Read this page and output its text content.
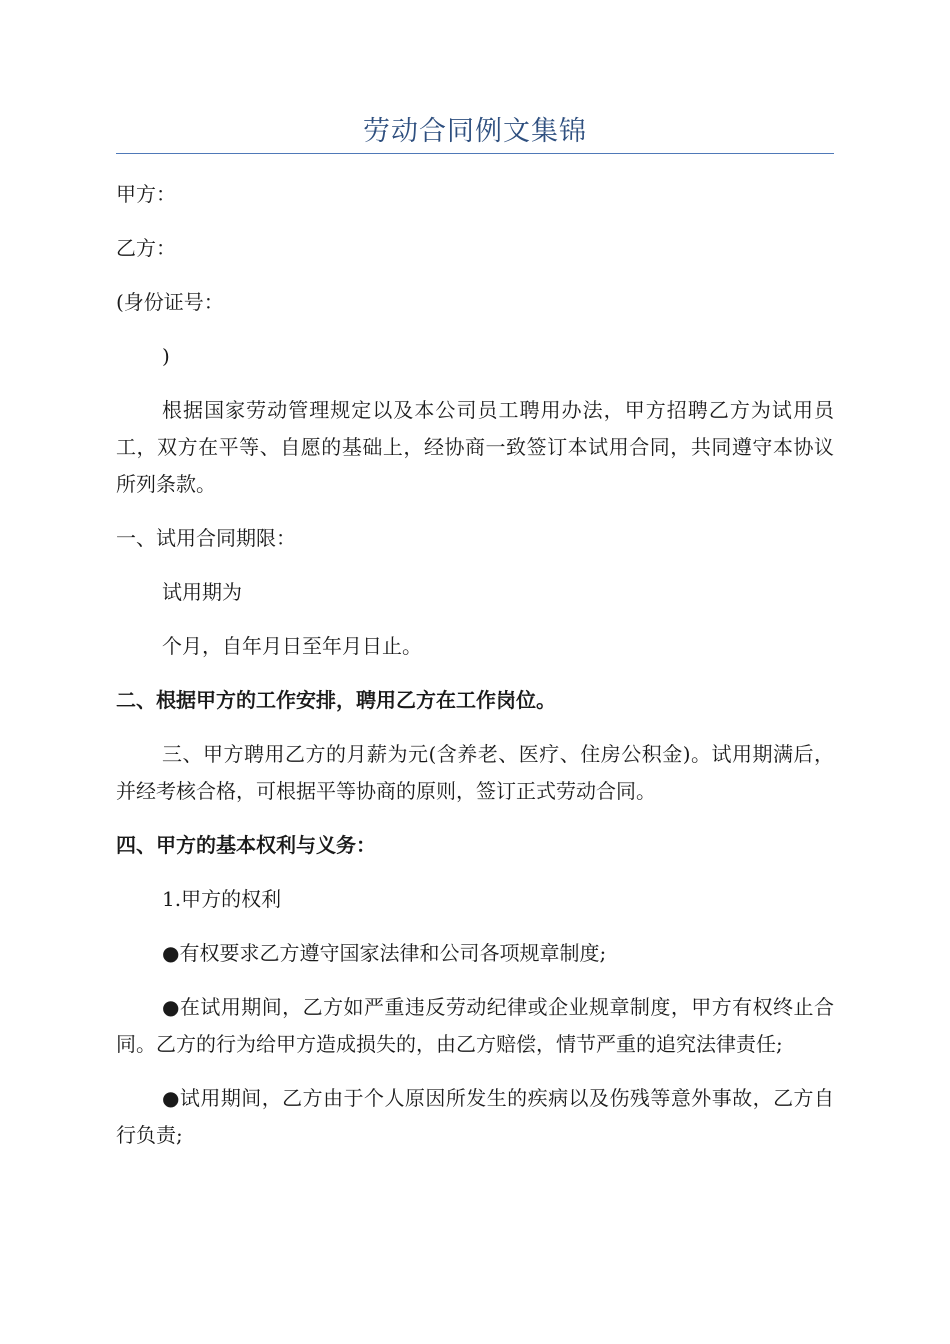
劳动合同例文集锦

甲方：

乙方：

(身份证号：

)

根据国家劳动管理规定以及本公司员工聘用办法，甲方招聘乙方为试用员工，双方在平等、自愿的基础上，经协商一致签订本试用合同，共同遵守本协议所列条款。

一、试用合同期限：

试用期为

个月，自年月日至年月日止。

二、根据甲方的工作安排，聘用乙方在工作岗位。

三、甲方聘用乙方的月薪为元(含养老、医疗、住房公积金)。试用期满后，并经考核合格，可根据平等协商的原则，签订正式劳动合同。

四、甲方的基本权利与义务：

1.甲方的权利

●有权要求乙方遵守国家法律和公司各项规章制度;

●在试用期间，乙方如严重违反劳动纪律或企业规章制度，甲方有权终止合同。乙方的行为给甲方造成损失的，由乙方赔偿，情节严重的追究法律责任;

●试用期间，乙方由于个人原因所发生的疾病以及伤残等意外事故，乙方自行负责;
